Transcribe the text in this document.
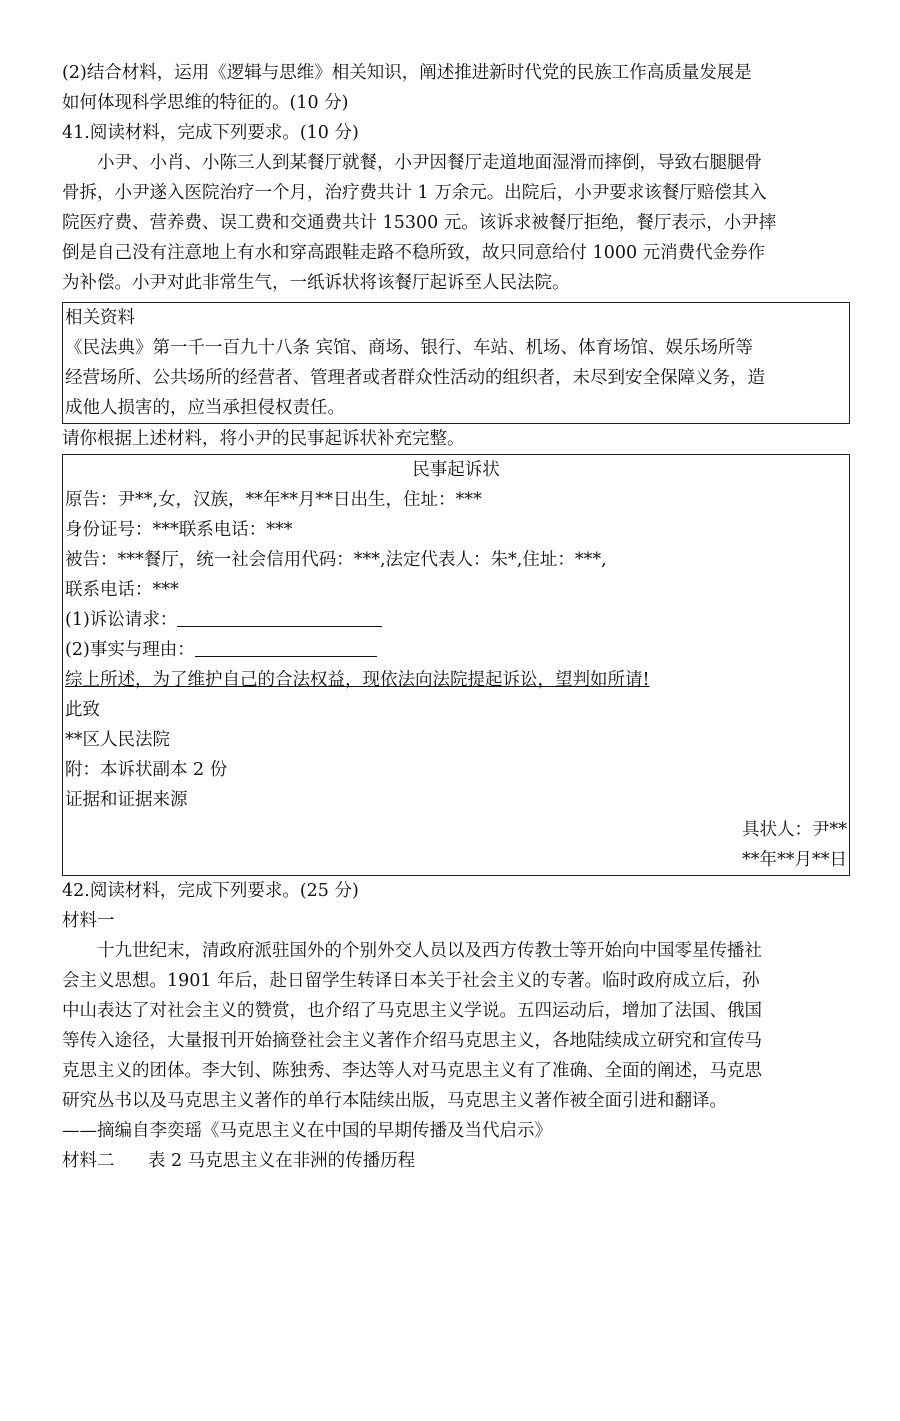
(2)结合材料，运用《逻辑与思维》相关知识，阐述推进新时代党的民族工作高质量发展是
如何体现科学思维的特征的。(10 分)
41.阅读材料，完成下列要求。(10 分)
小尹、小肖、小陈三人到某餐厅就餐，小尹因餐厅走道地面湿滑而摔倒，导致右腿腿骨
骨拆，小尹遂入医院治疗一个月，治疗费共计 1 万余元。出院后，小尹要求该餐厅赔偿其入
院医疗费、营养费、误工费和交通费共计 15300 元。该诉求被餐厅拒绝，餐厅表示，小尹摔
倒是自己没有注意地上有水和穿高跟鞋走路不稳所致，故只同意给付 1000 元消费代金券作
为补偿。小尹对此非常生气，一纸诉状将该餐厅起诉至人民法院。
相关资料
《民法典》第一千一百九十八条 宾馆、商场、银行、车站、机场、体育场馆、娱乐场所等
经营场所、公共场所的经营者、管理者或者群众性活动的组织者，未尽到安全保障义务，造
成他人损害的，应当承担侵权责任。
请你根据上述材料，将小尹的民事起诉状补充完整。
民事起诉状
原告：尹**,女，汉族，**年**月**日出生，住址：***
身份证号：***联系电话：***
被告：***餐厅，统一社会信用代码：***,法定代表人：朱*,住址：***,
联系电话：***
(1)诉讼请求：
(2)事实与理由：
综上所述，为了维护自己的合法权益，现依法向法院提起诉讼，望判如所请!
此致
**区人民法院
附：本诉状副本 2 份
证据和证据来源
具状人：尹**
**年**月**日
42.阅读材料，完成下列要求。(25 分)
材料一
十九世纪末，清政府派驻国外的个别外交人员以及西方传教士等开始向中国零星传播社
会主义思想。1901 年后，赴日留学生转译日本关于社会主义的专著。临时政府成立后，孙
中山表达了对社会主义的赞赏，也介绍了马克思主义学说。五四运动后，增加了法国、俄国
等传入途径，大量报刊开始摘登社会主义著作介绍马克思主义，各地陆续成立研究和宣传马
克思主义的团体。李大钊、陈独秀、李达等人对马克思主义有了准确、全面的阐述，马克思
研究丛书以及马克思主义著作的单行本陆续出版，马克思主义著作被全面引进和翻译。
——摘编自李奕瑶《马克思主义在中国的早期传播及当代启示》
材料二 表 2 马克思主义在非洲的传播历程
